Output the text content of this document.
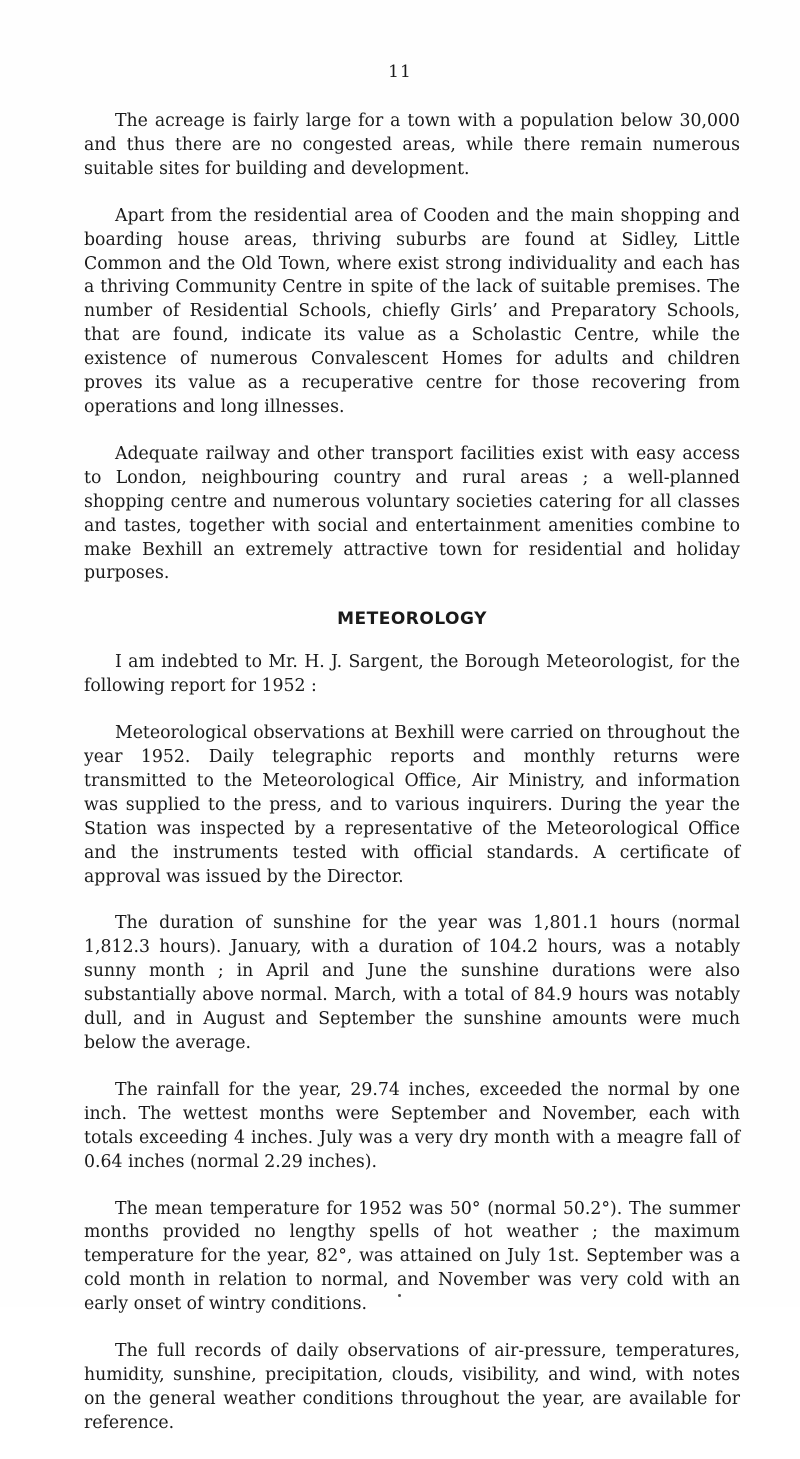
11

The acreage is fairly large for a town with a population below 30,000 and thus there are no congested areas, while there remain numerous suitable sites for building and development.

Apart from the residential area of Cooden and the main shopping and boarding house areas, thriving suburbs are found at Sidley, Little Common and the Old Town, where exist strong individuality and each has a thriving Community Centre in spite of the lack of suitable premises. The number of Residential Schools, chiefly Girls’ and Preparatory Schools, that are found, indicate its value as a Scholastic Centre, while the existence of numerous Convalescent Homes for adults and children proves its value as a recuperative centre for those recovering from operations and long illnesses.

Adequate railway and other transport facilities exist with easy access to London, neighbouring country and rural areas ; a well-planned shopping centre and numerous voluntary societies catering for all classes and tastes, together with social and entertainment amenities combine to make Bexhill an extremely attractive town for residential and holiday purposes.

METEOROLOGY

I am indebted to Mr. H. J. Sargent, the Borough Meteorologist, for the following report for 1952 :

Meteorological observations at Bexhill were carried on throughout the year 1952. Daily telegraphic reports and monthly returns were transmitted to the Meteorological Office, Air Ministry, and information was supplied to the press, and to various inquirers. During the year the Station was inspected by a representative of the Meteorological Office and the instruments tested with official standards. A certificate of approval was issued by the Director.

The duration of sunshine for the year was 1,801.1 hours (normal 1,812.3 hours). January, with a duration of 104.2 hours, was a notably sunny month ; in April and June the sunshine durations were also substantially above normal. March, with a total of 84.9 hours was notably dull, and in August and September the sunshine amounts were much below the average.

The rainfall for the year, 29.74 inches, exceeded the normal by one inch. The wettest months were September and November, each with totals exceeding 4 inches. July was a very dry month with a meagre fall of 0.64 inches (normal 2.29 inches).

The mean temperature for 1952 was 50° (normal 50.2°). The summer months provided no lengthy spells of hot weather ; the maximum temperature for the year, 82°, was attained on July 1st. September was a cold month in relation to normal, and November was very cold with an early onset of wintry conditions.

The full records of daily observations of air-pressure, temperatures, humidity, sunshine, precipitation, clouds, visibility, and wind, with notes on the general weather conditions throughout the year, are available for reference.
